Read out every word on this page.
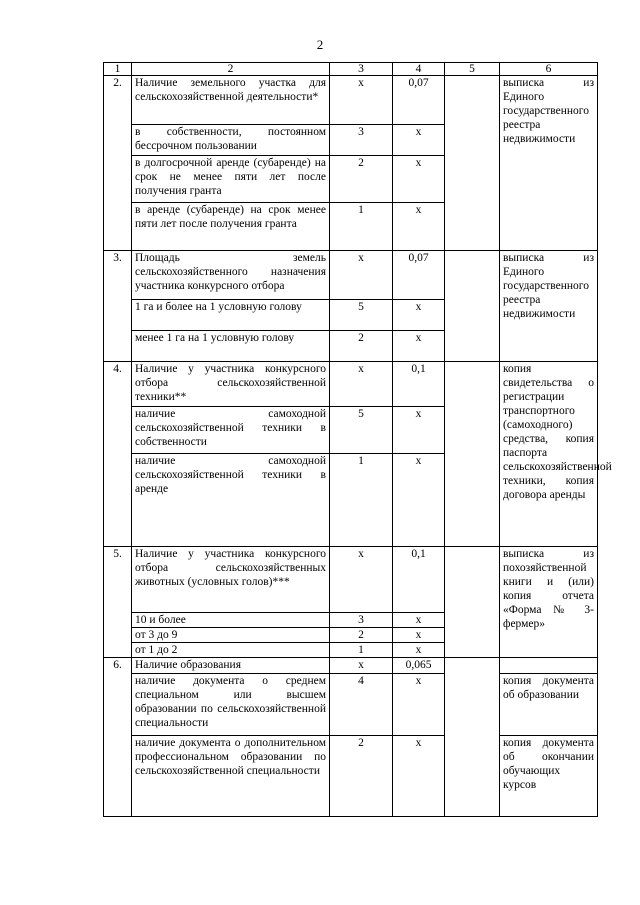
2
1	2	3	4	5	6
2.	Наличие земельного участка для сельскохозяйственной деятельности*	х	0,07		выписка из Единого государственного реестра недвижимости
	в собственности, постоянном бессрочном пользовании	3	х		
	в долгосрочной аренде (субаренде) на срок не менее пяти лет после получения гранта	2	х		
	в аренде (субаренде) на срок менее пяти лет после получения гранта	1	х		
3.	Площадь земель сельскохозяйственного назначения участника конкурсного отбора	х	0,07		выписка из Единого государственного реестра недвижимости
	1 га и более на 1 условную голову	5	х		
	менее 1 га на 1 условную голову	2	х		
4.	Наличие у участника конкурсного отбора сельскохозяйственной техники**	х	0,1		копия свидетельства о регистрации транспортного (самоходного) средства, копия паспорта сельскохозяйственной техники, копия договора аренды
	наличие самоходной сельскохозяйственной техники в собственности	5	х		
	наличие самоходной сельскохозяйственной техники в аренде	1	х		
5.	Наличие у участника конкурсного отбора сельскохозяйственных животных (условных голов)***	х	0,1		выписка из похозяйственной книги и (или) копия отчета «Форма № 3-фермер»
	10 и более	3	х		
	от 3 до 9	2	х		
	от 1 до 2	1	х		
6.	Наличие образования	х	0,065		
	наличие документа о среднем специальном или высшем образовании по сельскохозяйственной специальности	4	х		копия документа об образовании
	наличие документа о дополнительном профессиональном образовании по сельскохозяйственной специальности	2	х		копия документа об окончании обучающих курсов
